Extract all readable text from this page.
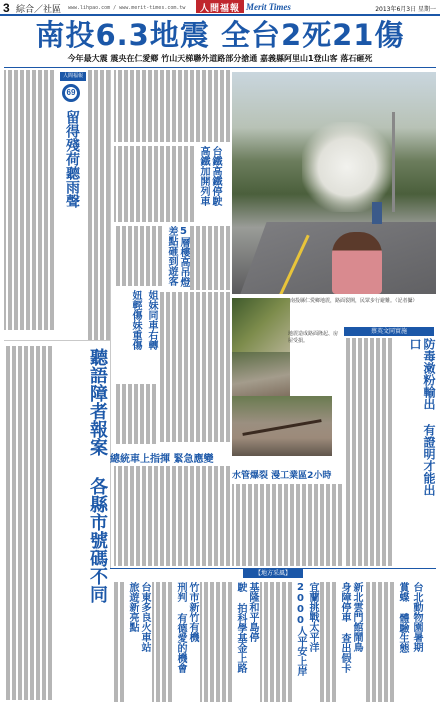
3 綜合／社區 www.lihpao.com / www.merit-times.com.tw	人間福報 Merit Times	2013年6月3日 星期一
南投6.3地震 全台2死21傷
今年最大震 震央在仁愛鄉 竹山天梯聯外道路部分搶通 嘉義縣阿里山1登山客 落石砸死
人間福報
69
留得殘荷聽雨聲
聽語障者報案 各縣市號碼不同
台鐵高鐵停駛
高鐵加開列車
5層樓高吊燈
差點砸到遊客
姐妹同車右轉
妞輕傷妹重傷
總統車上指揮 緊急應變
南投縣仁愛鄉地震，路面裂開，民眾步行避難。（記者攝）
地震造成路面隆起、房屋受損。
水管爆裂 漫工業區2小時
蔡英文同實施
防毒潄粉輸出 有證明才能出口
【地方采風】
台北動物園暑期
賞蝶 體驗生態
新北雲門館鬧鳥
身障停車 查出假卡
宜蘭挑戰太平洋
2000人平安上岸
基隆和平島停
駛 拍科學基金上路
竹市新竹有機
刑判 有德愛的機會
台東多良火車站
旅遊新亮點
